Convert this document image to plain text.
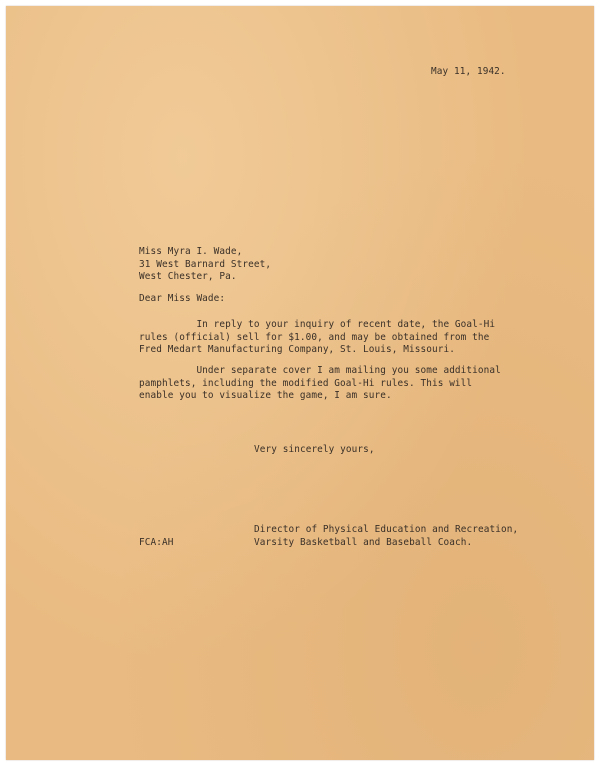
May 11, 1942.
Miss Myra I. Wade,
31 West Barnard Street,
West Chester, Pa.
Dear Miss Wade:
In reply to your inquiry of recent date, the Goal-Hi
rules (official) sell for $1.00, and may be obtained from the
Fred Medart Manufacturing Company, St. Louis, Missouri.
Under separate cover I am mailing you some additional
pamphlets, including the modified Goal-Hi rules. This will
enable you to visualize the game, I am sure.
Very sincerely yours,
Director of Physical Education and Recreation,
Varsity Basketball and Baseball Coach.
FCA:AH
